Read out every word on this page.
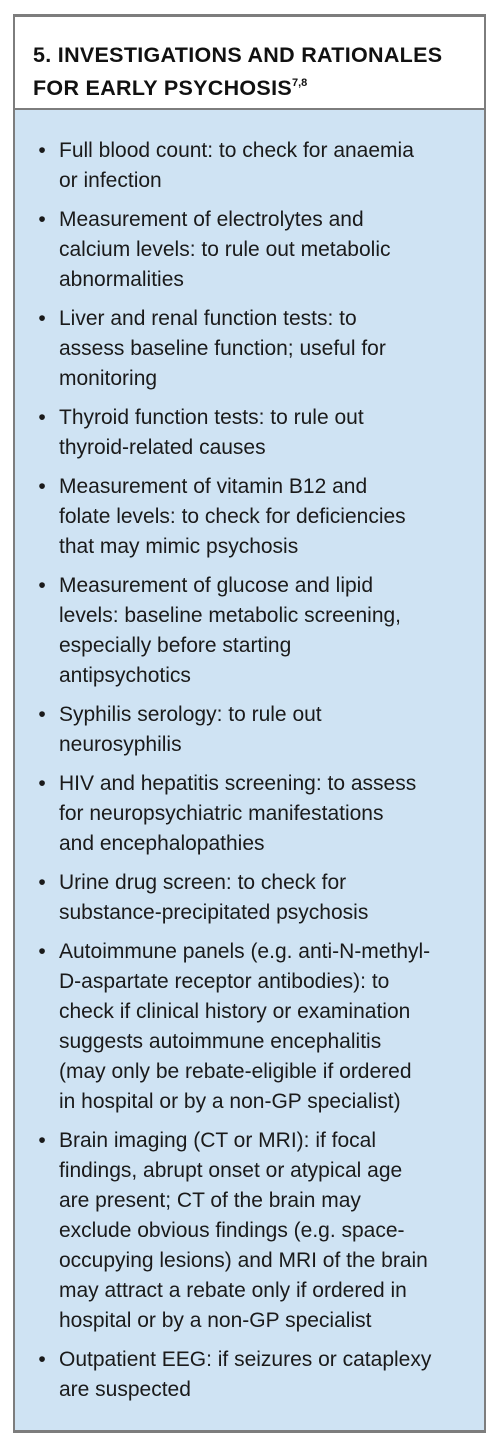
5. INVESTIGATIONS AND RATIONALES
FOR EARLY PSYCHOSIS$^{7,8}$
• Full blood count: to check for anaemia
or infection
• Measurement of electrolytes and
calcium levels: to rule out metabolic
abnormalities
• Liver and renal function tests: to
assess baseline function; useful for
monitoring
• Thyroid function tests: to rule out
thyroid-related causes
• Measurement of vitamin B12 and
folate levels: to check for deficiencies
that may mimic psychosis
• Measurement of glucose and lipid
levels: baseline metabolic screening,
especially before starting
antipsychotics
• Syphilis serology: to rule out
neurosyphilis
• HIV and hepatitis screening: to assess
for neuropsychiatric manifestations
and encephalopathies
• Urine drug screen: to check for
substance-precipitated psychosis
• Autoimmune panels (e.g. anti-N-methyl-
D-aspartate receptor antibodies): to
check if clinical history or examination
suggests autoimmune encephalitis
(may only be rebate-eligible if ordered
in hospital or by a non-GP specialist)
• Brain imaging (CT or MRI): if focal
findings, abrupt onset or atypical age
are present; CT of the brain may
exclude obvious findings (e.g. space-
occupying lesions) and MRI of the brain
may attract a rebate only if ordered in
hospital or by a non-GP specialist
• Outpatient EEG: if seizures or cataplexy
are suspected
